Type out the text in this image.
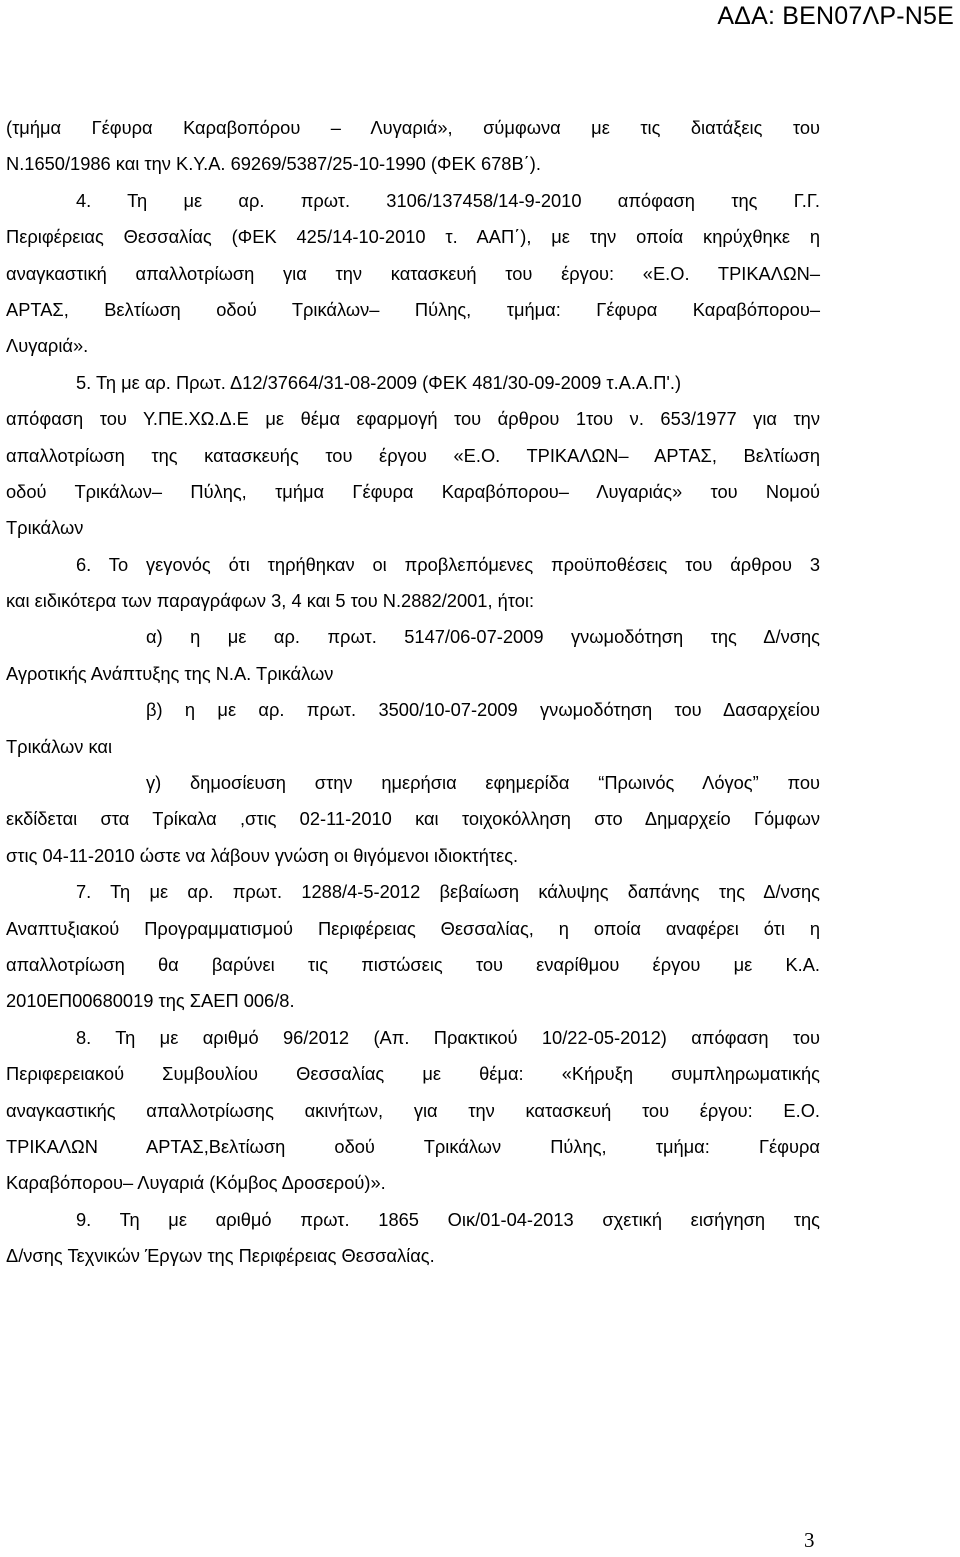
ΑΔΑ: ΒΕΝ07ΛΡ-Ν5Ε
(τμήμα Γέφυρα Καραβοπόρου – Λυγαριά», σύμφωνα με τις διατάξεις του
Ν.1650/1986 και την Κ.Υ.Α. 69269/5387/25-10-1990 (ΦΕΚ 678Β΄).
4. Τη με αρ. πρωτ. 3106/137458/14-9-2010 απόφαση της Γ.Γ.
Περιφέρειας Θεσσαλίας (ΦΕΚ 425/14-10-2010 τ. ΑΑΠ΄), με την οποία κηρύχθηκε η
αναγκαστική απαλλοτρίωση για την κατασκευή του έργου: «Ε.Ο. ΤΡΙΚΑΛΩΝ–
ΑΡΤΑΣ, Βελτίωση οδού Τρικάλων– Πύλης, τμήμα: Γέφυρα Καραβόπορου–
Λυγαριά».
5. Τη με αρ. Πρωτ. Δ12/37664/31-08-2009 (ΦΕΚ 481/30-09-2009 τ.Α.Α.Π'.)
απόφαση του Υ.ΠΕ.ΧΩ.Δ.Ε με θέμα εφαρμογή του άρθρου 1του ν. 653/1977 για την
απαλλοτρίωση της κατασκευής του έργου «Ε.Ο. ΤΡΙΚΑΛΩΝ– ΑΡΤΑΣ, Βελτίωση
οδού Τρικάλων– Πύλης, τμήμα Γέφυρα Καραβόπορου– Λυγαριάς» του Νομού
Τρικάλων
6. Το γεγονός ότι τηρήθηκαν οι προβλεπόμενες προϋποθέσεις του άρθρου 3
και ειδικότερα των παραγράφων 3, 4 και 5 του Ν.2882/2001, ήτοι:
α) η με αρ. πρωτ. 5147/06-07-2009 γνωμοδότηση της Δ/νσης
Αγροτικής Ανάπτυξης της Ν.Α. Τρικάλων
β) η με αρ. πρωτ. 3500/10-07-2009 γνωμοδότηση του Δασαρχείου
Τρικάλων και
γ) δημοσίευση στην ημερήσια εφημερίδα “Πρωινός Λόγος” που
εκδίδεται στα Τρίκαλα ,στις 02-11-2010 και τοιχοκόλληση στο Δημαρχείο Γόμφων
στις 04-11-2010 ώστε να λάβουν γνώση οι θιγόμενοι ιδιοκτήτες.
7. Τη με αρ. πρωτ. 1288/4-5-2012 βεβαίωση κάλυψης δαπάνης της Δ/νσης
Αναπτυξιακού Προγραμματισμού Περιφέρειας Θεσσαλίας, η οποία αναφέρει ότι η
απαλλοτρίωση θα βαρύνει τις πιστώσεις του εναρίθμου έργου με Κ.Α.
2010ΕΠ00680019 της ΣΑΕΠ 006/8.
8. Τη με αριθμό 96/2012 (Απ. Πρακτικού 10/22-05-2012) απόφαση του
Περιφερειακού Συμβουλίου Θεσσαλίας με θέμα: «Κήρυξη συμπληρωματικής
αναγκαστικής απαλλοτρίωσης ακινήτων, για την κατασκευή του έργου: Ε.Ο.
ΤΡΙΚΑΛΩΝ ΑΡΤΑΣ,Βελτίωση οδού Τρικάλων Πύλης, τμήμα: Γέφυρα
Καραβόπορου– Λυγαριά (Κόμβος Δροσερού)».
9. Τη με αριθμό πρωτ. 1865 Οικ/01-04-2013 σχετική εισήγηση της
Δ/νσης Τεχνικών Έργων της Περιφέρειας Θεσσαλίας.
3
